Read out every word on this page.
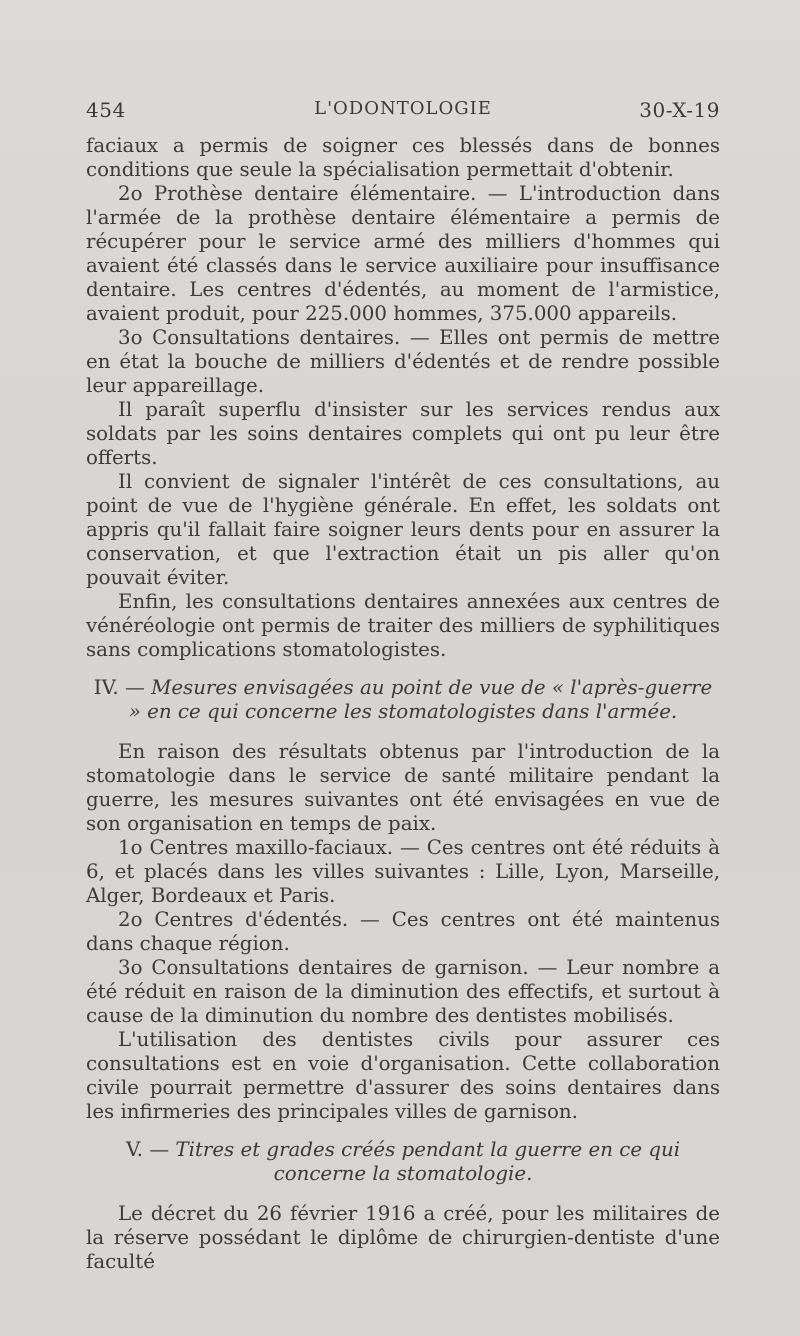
454	L'ODONTOLOGIE	30-X-19

faciaux a permis de soigner ces blessés dans de bonnes conditions que seule la spécialisation permettait d'obtenir.

2o Prothèse dentaire élémentaire. — L'introduction dans l'armée de la prothèse dentaire élémentaire a permis de récupérer pour le service armé des milliers d'hommes qui avaient été classés dans le service auxiliaire pour insuffisance dentaire. Les centres d'édentés, au moment de l'armistice, avaient produit, pour 225.000 hommes, 375.000 appareils.

3o Consultations dentaires. — Elles ont permis de mettre en état la bouche de milliers d'édentés et de rendre possible leur appareillage.

Il paraît superflu d'insister sur les services rendus aux soldats par les soins dentaires complets qui ont pu leur être offerts.

Il convient de signaler l'intérêt de ces consultations, au point de vue de l'hygiène générale. En effet, les soldats ont appris qu'il fallait faire soigner leurs dents pour en assurer la conservation, et que l'extraction était un pis aller qu'on pouvait éviter.

Enfin, les consultations dentaires annexées aux centres de vénéréologie ont permis de traiter des milliers de syphilitiques sans complications stomatologistes.

IV. — Mesures envisagées au point de vue de « l'après-guerre » en ce qui concerne les stomatologistes dans l'armée.

En raison des résultats obtenus par l'introduction de la stomatologie dans le service de santé militaire pendant la guerre, les mesures suivantes ont été envisagées en vue de son organisation en temps de paix.

1o Centres maxillo-faciaux. — Ces centres ont été réduits à 6, et placés dans les villes suivantes : Lille, Lyon, Marseille, Alger, Bordeaux et Paris.

2o Centres d'édentés. — Ces centres ont été maintenus dans chaque région.

3o Consultations dentaires de garnison. — Leur nombre a été réduit en raison de la diminution des effectifs, et surtout à cause de la diminution du nombre des dentistes mobilisés.

L'utilisation des dentistes civils pour assurer ces consultations est en voie d'organisation. Cette collaboration civile pourrait permettre d'assurer des soins dentaires dans les infirmeries des principales villes de garnison.

V. — Titres et grades créés pendant la guerre en ce qui concerne la stomatologie.

Le décret du 26 février 1916 a créé, pour les militaires de la réserve possédant le diplôme de chirurgien-dentiste d'une faculté
